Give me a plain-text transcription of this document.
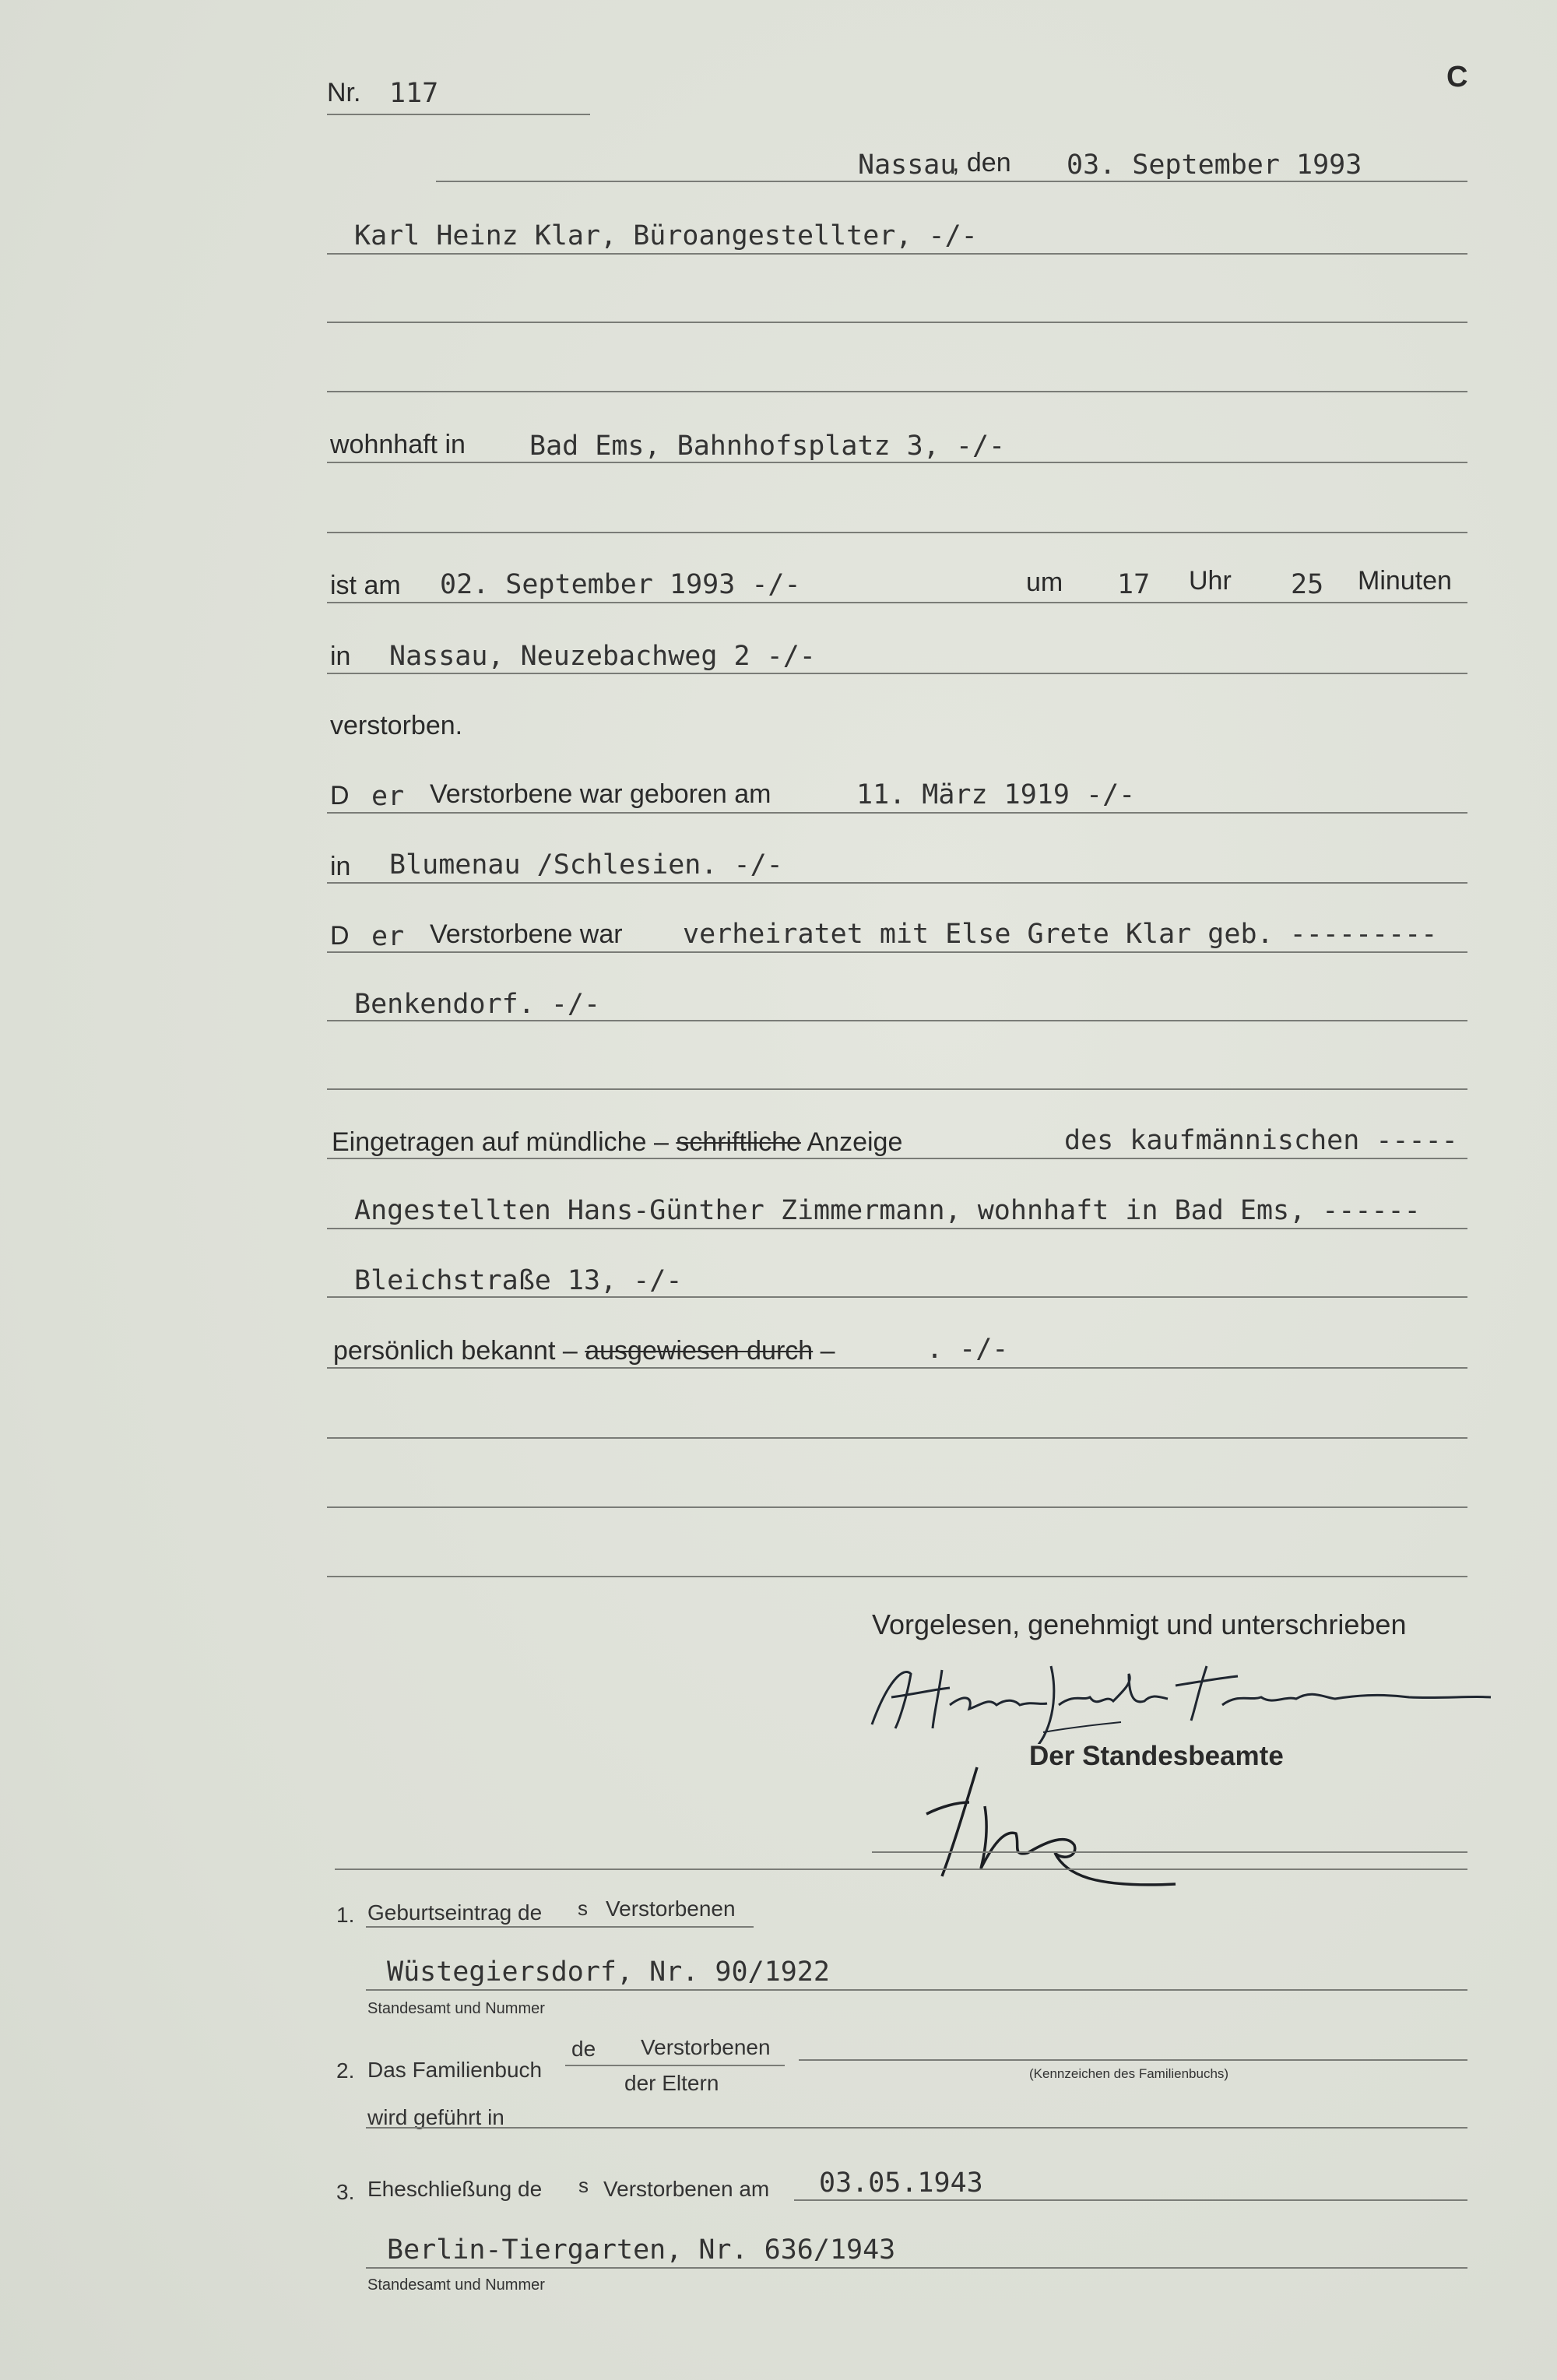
C
Nr. 117
Nassau
, den 03. September 1993
Karl Heinz Klar, Büroangestellter, -/-
wohnhaft in Bad Ems, Bahnhofsplatz 3, -/-
ist am 02. September 1993 -/-	um 17 Uhr 25 Minuten
in Nassau, Neuzebachweg 2 -/-
verstorben.
D er Verstorbene war geboren am	11. März 1919 -/-
in Blumenau /Schlesien. -/-
D er Verstorbene war verheiratet mit Else Grete Klar geb. ---------
Benkendorf. -/-
Eingetragen auf mündliche – schriftliche Anzeige	des kaufmännischen -----
Angestellten Hans-Günther Zimmermann, wohnhaft in Bad Ems, ------
Bleichstraße 13, -/-
persönlich bekannt – ausgewiesen durch –	. -/-
Vorgelesen, genehmigt und unterschrieben
Der Standesbeamte
1. Geburtseintrag de s Verstorbenen
Wüstegiersdorf, Nr. 90/1922
Standesamt und Nummer
2. Das Familienbuch
de Verstorbenen
der Eltern	(Kennzeichen des Familienbuchs)
wird geführt in
3. Eheschließung de s Verstorbenen am 03.05.1943
Berlin-Tiergarten, Nr. 636/1943
Standesamt und Nummer
